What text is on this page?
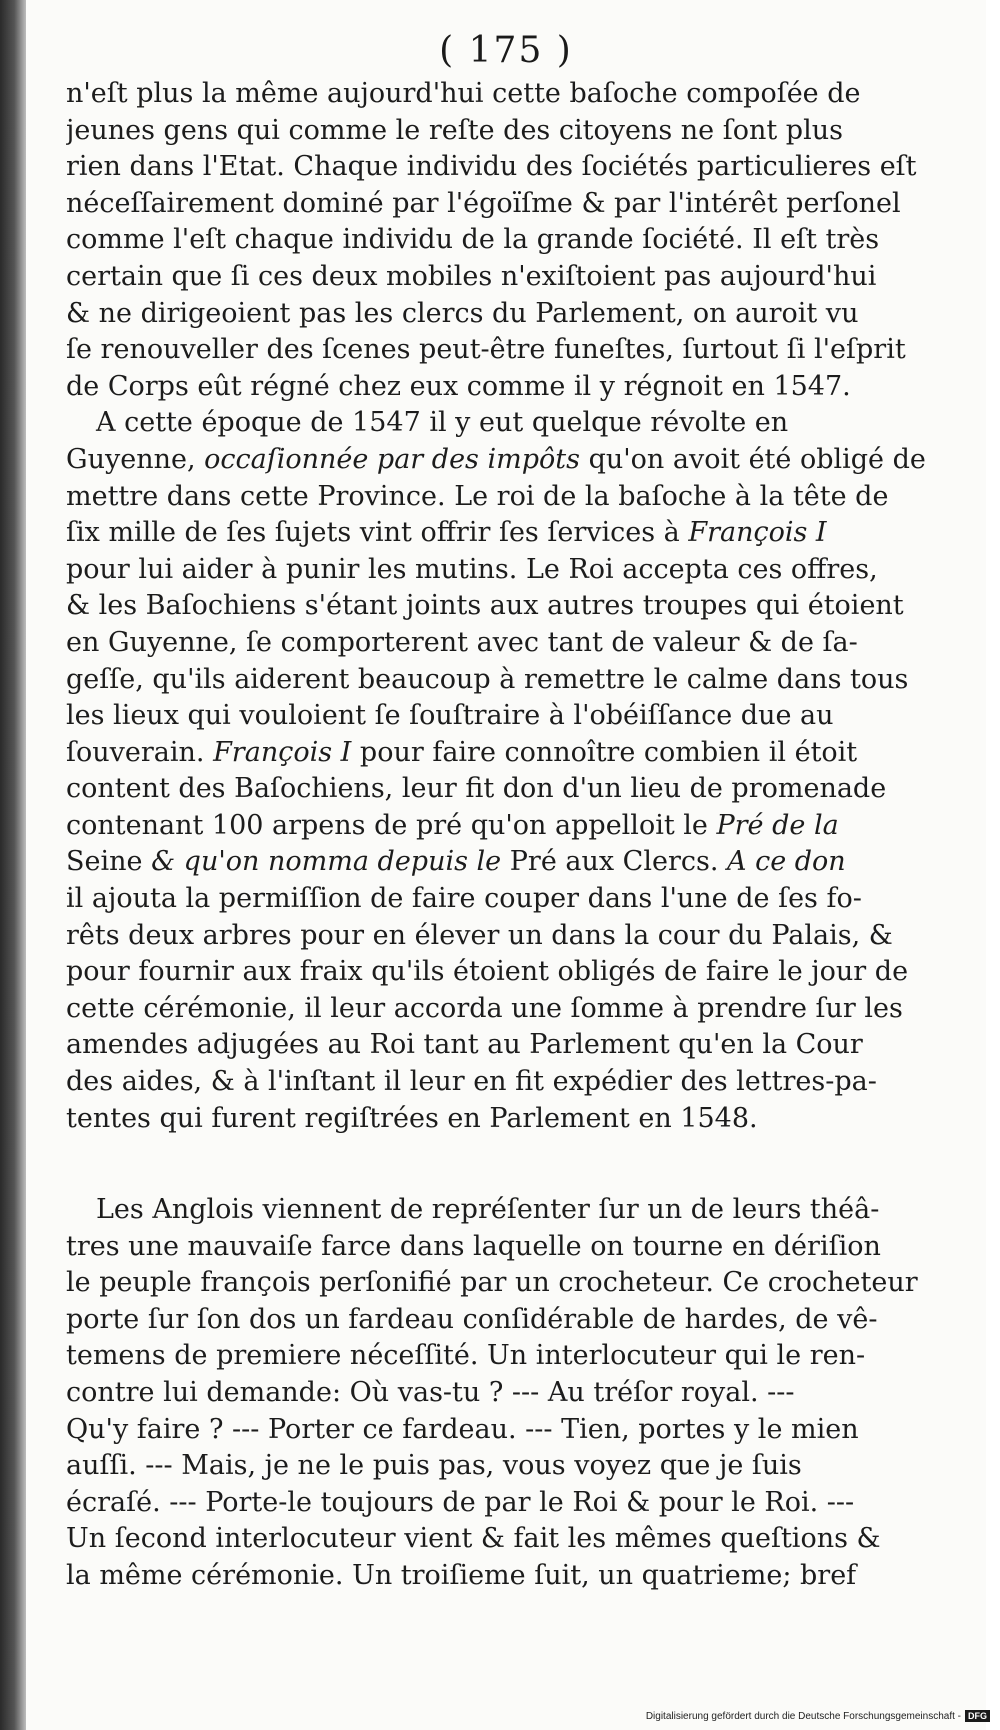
( 175 )
n'eſt plus la même aujourd'hui cette baſoche compoſée de
jeunes gens qui comme le reſte des citoyens ne ſont plus
rien dans l'Etat. Chaque individu des ſociétés particulieres eſt
néceſſairement dominé par l'égoïſme & par l'intérêt perſonel
comme l'eſt chaque individu de la grande ſociété. Il eſt très
certain que ſi ces deux mobiles n'exiſtoient pas aujourd'hui
& ne dirigeoient pas les clercs du Parlement, on auroit vu
ſe renouveller des ſcenes peut-être funeſtes, ſurtout ſi l'eſprit
de Corps eût régné chez eux comme il y régnoit en 1547.
A cette époque de 1547 il y eut quelque révolte en
Guyenne, occaſionnée par des impôts qu'on avoit été obligé de
mettre dans cette Province. Le roi de la baſoche à la tête de
ſix mille de ſes ſujets vint offrir ſes ſervices à François I
pour lui aider à punir les mutins. Le Roi accepta ces offres,
& les Baſochiens s'étant joints aux autres troupes qui étoient
en Guyenne, ſe comporterent avec tant de valeur & de ſa-
geſſe, qu'ils aiderent beaucoup à remettre le calme dans tous
les lieux qui vouloient ſe ſouſtraire à l'obéiſſance due au
ſouverain. François I pour faire connoître combien il étoit
content des Baſochiens, leur fit don d'un lieu de promenade
contenant 100 arpens de pré qu'on appelloit le Pré de la
Seine & qu'on nomma depuis le Pré aux Clercs. A ce don
il ajouta la permiſſion de faire couper dans l'une de ſes fo-
rêts deux arbres pour en élever un dans la cour du Palais, &
pour fournir aux fraix qu'ils étoient obligés de faire le jour de
cette cérémonie, il leur accorda une ſomme à prendre ſur les
amendes adjugées au Roi tant au Parlement qu'en la Cour
des aides, & à l'inſtant il leur en fit expédier des lettres-pa-
tentes qui furent regiſtrées en Parlement en 1548.
Les Anglois viennent de repréſenter ſur un de leurs théâ-
tres une mauvaiſe farce dans laquelle on tourne en dériſion
le peuple françois perſonifié par un crocheteur. Ce crocheteur
porte ſur ſon dos un fardeau conſidérable de hardes, de vê-
temens de premiere néceſſité. Un interlocuteur qui le ren-
contre lui demande: Où vas-tu ? --- Au tréſor royal. ---
Qu'y faire ? --- Porter ce fardeau. --- Tien, portes y le mien
auſſi. --- Mais, je ne le puis pas, vous voyez que je ſuis
écraſé. --- Porte-le toujours de par le Roi & pour le Roi. ---
Un ſecond interlocuteur vient & fait les mêmes queſtions &
la même cérémonie. Un troiſieme ſuit, un quatrieme; bref
Digitalisierung gefördert durch die Deutsche Forschungsgemeinschaft - DFG
